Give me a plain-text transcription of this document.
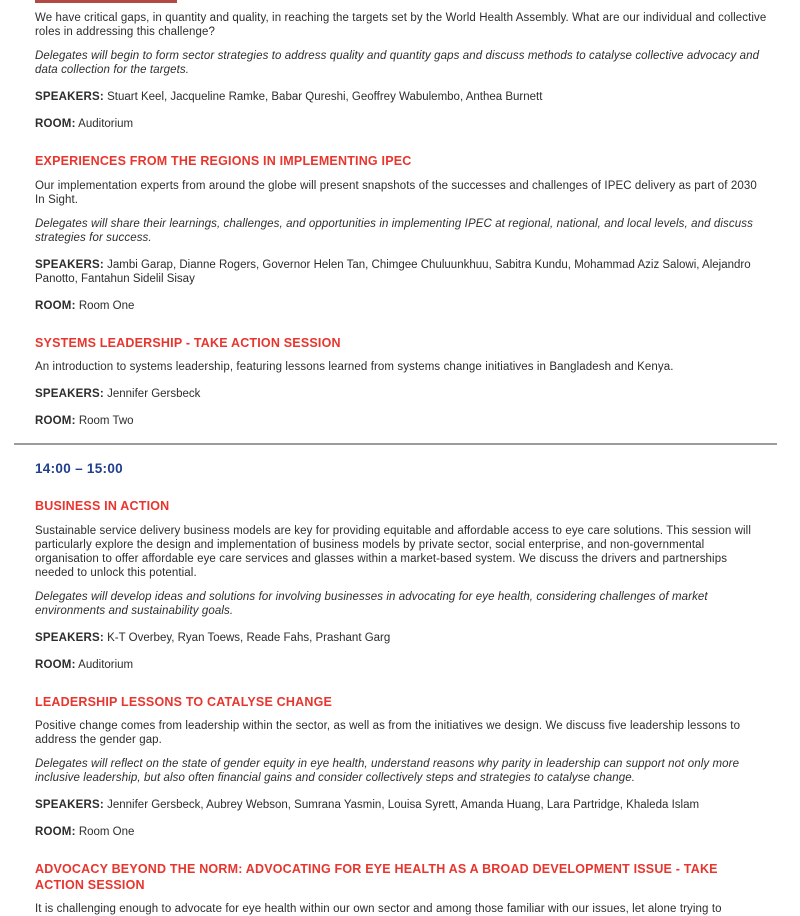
We have critical gaps, in quantity and quality, in reaching the targets set by the World Health Assembly. What are our individual and collective roles in addressing this challenge?

Delegates will begin to form sector strategies to address quality and quantity gaps and discuss methods to catalyse collective advocacy and data collection for the targets.

SPEAKERS: Stuart Keel, Jacqueline Ramke, Babar Qureshi, Geoffrey Wabulembo, Anthea Burnett

ROOM: Auditorium

EXPERIENCES FROM THE REGIONS IN IMPLEMENTING IPEC

Our implementation experts from around the globe will present snapshots of the successes and challenges of IPEC delivery as part of 2030 In Sight.

Delegates will share their learnings, challenges, and opportunities in implementing IPEC at regional, national, and local levels, and discuss strategies for success.

SPEAKERS: Jambi Garap, Dianne Rogers, Governor Helen Tan, Chimgee Chuluunkhuu, Sabitra Kundu, Mohammad Aziz Salowi, Alejandro Panotto, Fantahun Sidelil Sisay

ROOM: Room One

SYSTEMS LEADERSHIP - TAKE ACTION SESSION

An introduction to systems leadership, featuring lessons learned from systems change initiatives in Bangladesh and Kenya.

SPEAKERS: Jennifer Gersbeck

ROOM: Room Two

14:00 – 15:00

BUSINESS IN ACTION

Sustainable service delivery business models are key for providing equitable and affordable access to eye care solutions. This session will particularly explore the design and implementation of business models by private sector, social enterprise, and non-governmental organisation to offer affordable eye care services and glasses within a market-based system. We discuss the drivers and partnerships needed to unlock this potential.

Delegates will develop ideas and solutions for involving businesses in advocating for eye health, considering challenges of market environments and sustainability goals.

SPEAKERS: K-T Overbey, Ryan Toews, Reade Fahs, Prashant Garg

ROOM: Auditorium

LEADERSHIP LESSONS TO CATALYSE CHANGE

Positive change comes from leadership within the sector, as well as from the initiatives we design. We discuss five leadership lessons to address the gender gap.

Delegates will reflect on the state of gender equity in eye health, understand reasons why parity in leadership can support not only more inclusive leadership, but also often financial gains and consider collectively steps and strategies to catalyse change.

SPEAKERS: Jennifer Gersbeck, Aubrey Webson, Sumrana Yasmin, Louisa Syrett, Amanda Huang, Lara Partridge, Khaleda Islam

ROOM: Room One

ADVOCACY BEYOND THE NORM: ADVOCATING FOR EYE HEALTH AS A BROAD DEVELOPMENT ISSUE - TAKE ACTION SESSION

It is challenging enough to advocate for eye health within our own sector and among those familiar with our issues, let alone trying to
